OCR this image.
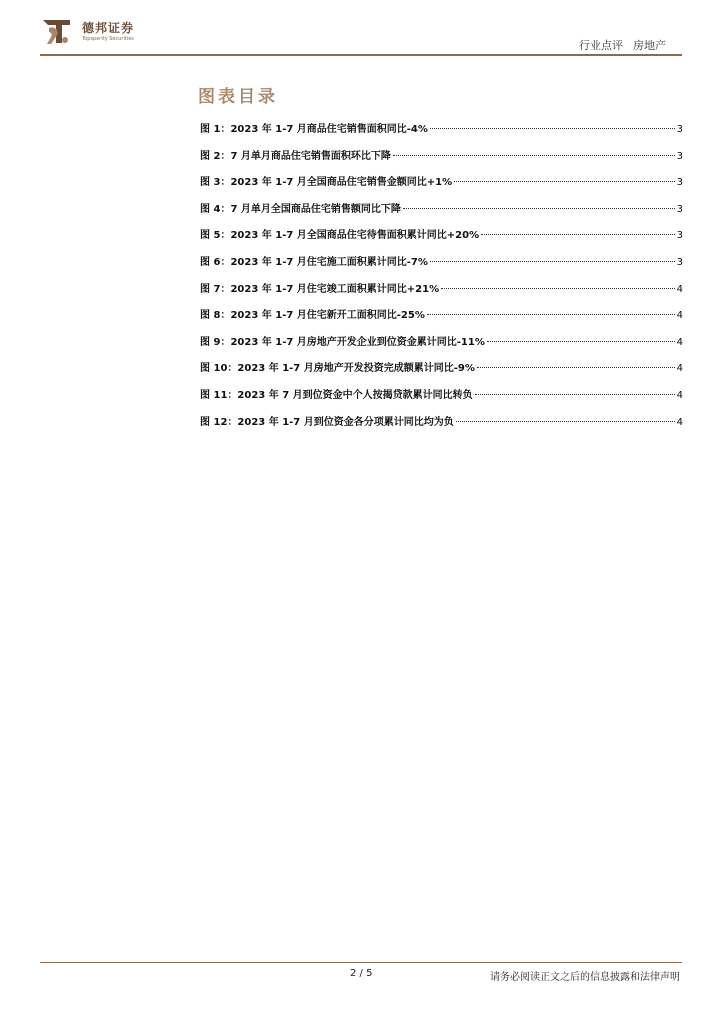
德邦证券
Topsperity Securities	行业点评 房地产
图表目录
图 1：2023 年 1-7 月商品住宅销售面积同比-4%	3
图 2：7 月单月商品住宅销售面积环比下降	3
图 3：2023 年 1-7 月全国商品住宅销售金额同比+1%	3
图 4：7 月单月全国商品住宅销售额同比下降	3
图 5：2023 年 1-7 月全国商品住宅待售面积累计同比+20%	3
图 6：2023 年 1-7 月住宅施工面积累计同比-7%	3
图 7：2023 年 1-7 月住宅竣工面积累计同比+21%	4
图 8：2023 年 1-7 月住宅新开工面积同比-25%	4
图 9：2023 年 1-7 月房地产开发企业到位资金累计同比-11%	4
图 10：2023 年 1-7 月房地产开发投资完成额累计同比-9%	4
图 11：2023 年 7 月到位资金中个人按揭贷款累计同比转负	4
图 12：2023 年 1-7 月到位资金各分项累计同比均为负	4
2 / 5	请务必阅读正文之后的信息披露和法律声明
